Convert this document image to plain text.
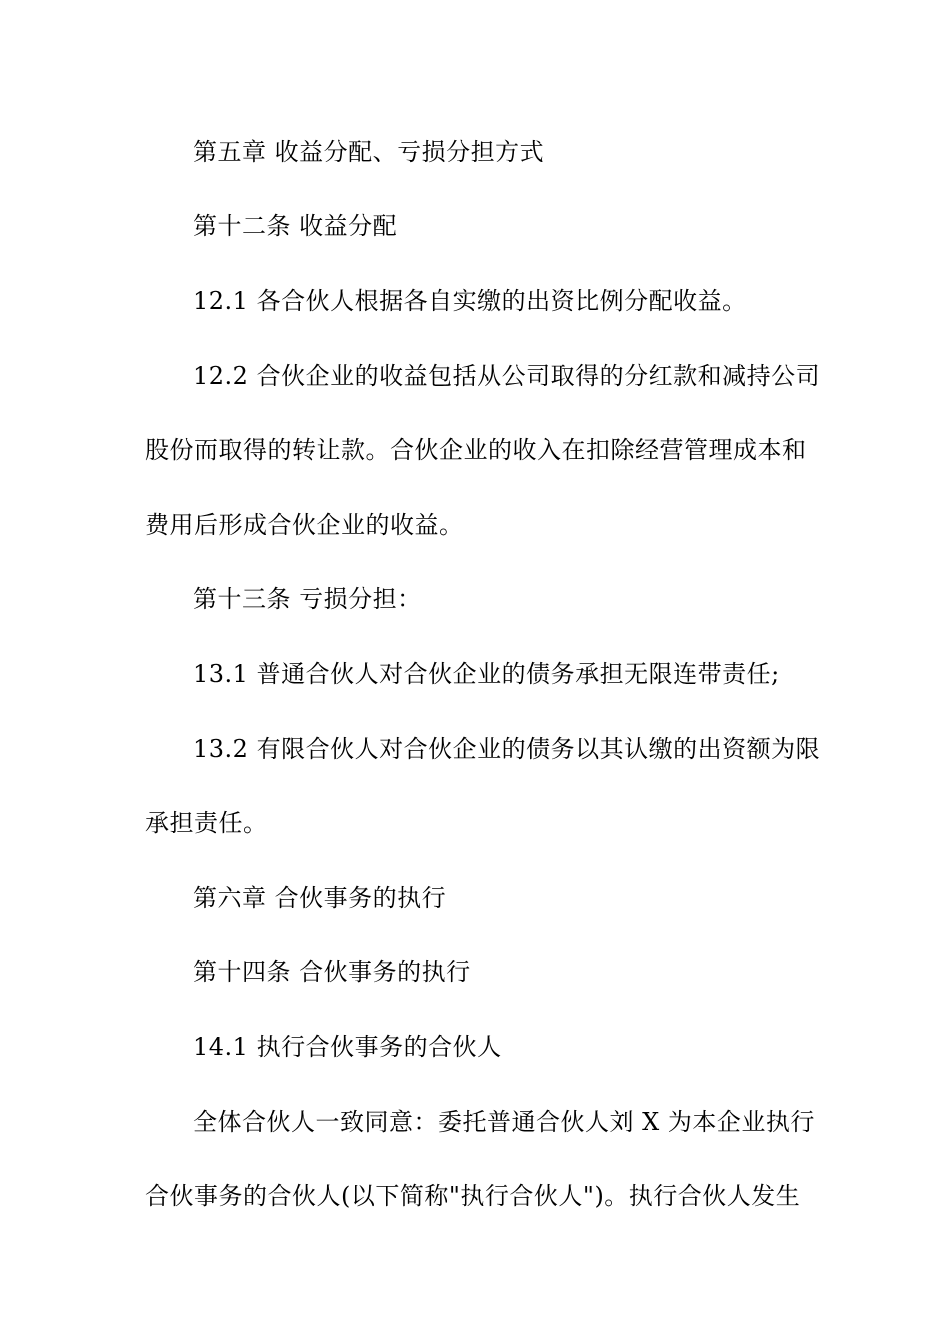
第五章 收益分配、亏损分担方式
第十二条 收益分配
12.1 各合伙人根据各自实缴的出资比例分配收益。
12.2 合伙企业的收益包括从公司取得的分红款和减持公司
股份而取得的转让款。合伙企业的收入在扣除经营管理成本和
费用后形成合伙企业的收益。
第十三条 亏损分担：
13.1 普通合伙人对合伙企业的债务承担无限连带责任;
13.2 有限合伙人对合伙企业的债务以其认缴的出资额为限
承担责任。
第六章 合伙事务的执行
第十四条 合伙事务的执行
14.1 执行合伙事务的合伙人
全体合伙人一致同意：委托普通合伙人刘 X 为本企业执行
合伙事务的合伙人(以下简称"执行合伙人")。执行合伙人发生
